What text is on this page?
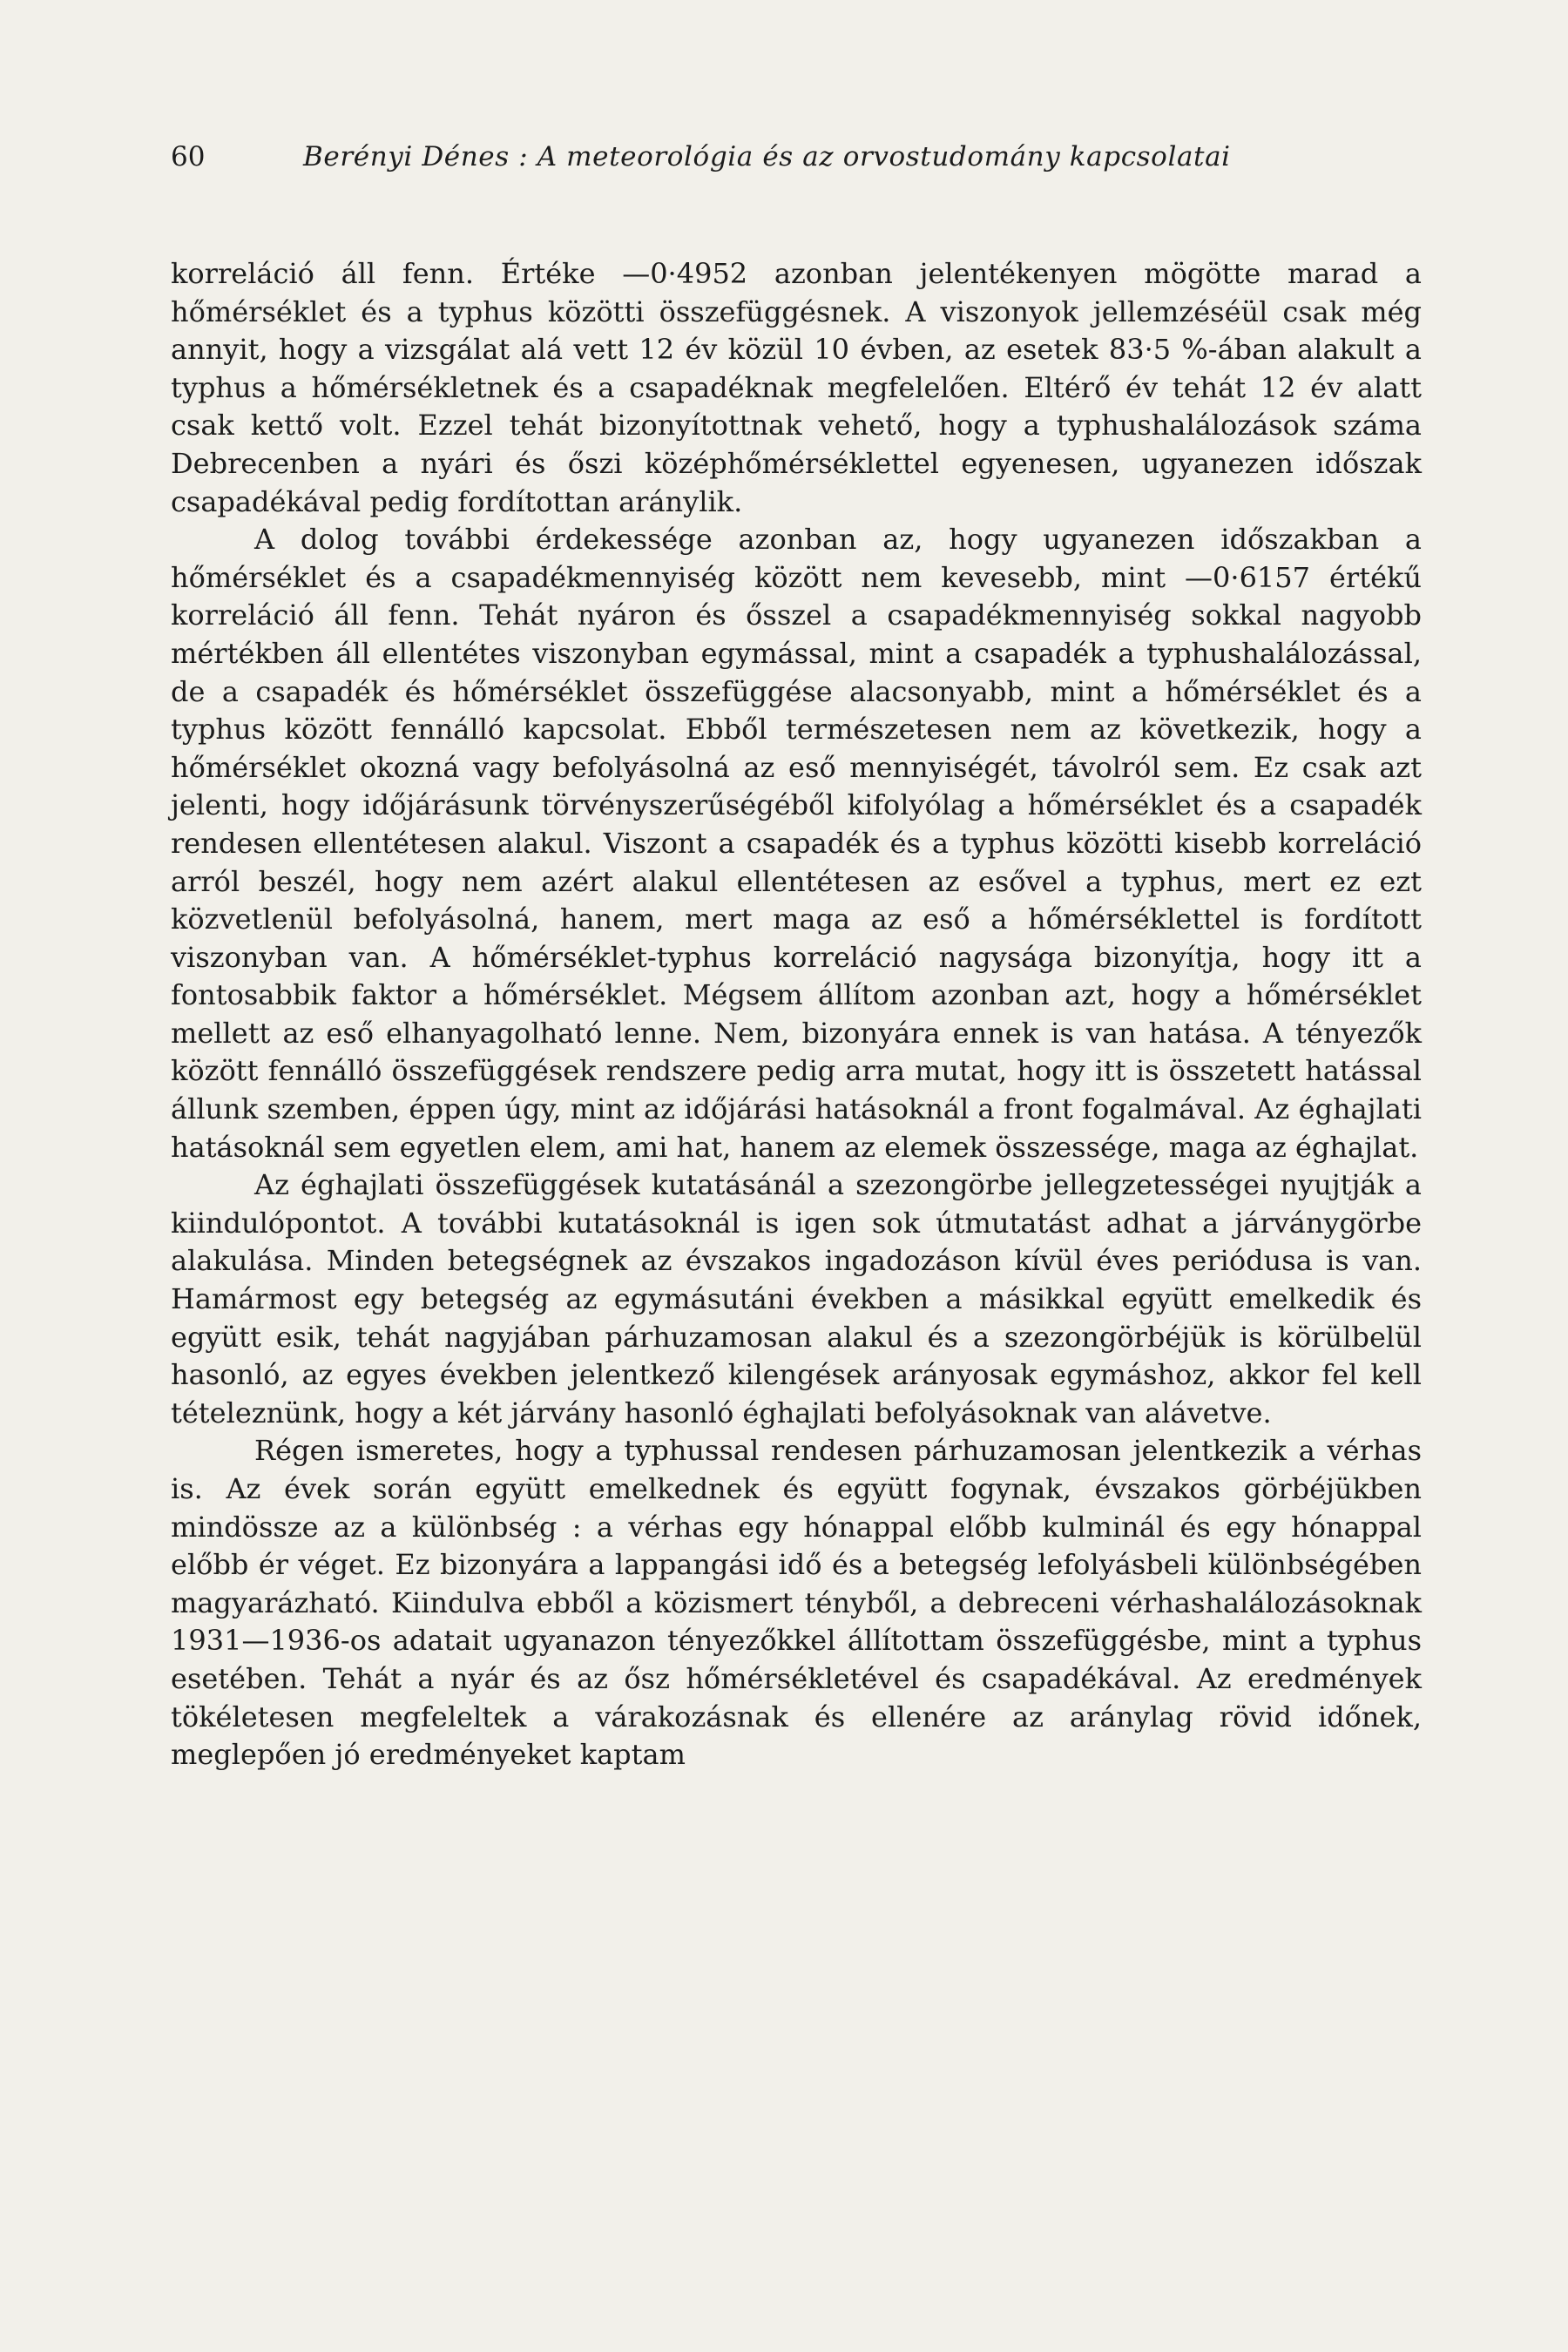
60	Berényi Dénes : A meteorológia és az orvostudomány kapcsolatai

korreláció áll fenn. Értéke —0·4952 azonban jelentékenyen mögötte marad a hőmérséklet és a typhus közötti összefüggésnek. A viszonyok jellemzéséül csak még annyit, hogy a vizsgálat alá vett 12 év közül 10 évben, az esetek 83·5 %-ában alakult a typhus a hőmérsékletnek és a csapadéknak megfelelően. Eltérő év tehát 12 év alatt csak kettő volt. Ezzel tehát bizonyítottnak vehető, hogy a typhushalálozások száma Debrecenben a nyári és őszi középhőmérséklettel egyenesen, ugyanezen időszak csapadékával pedig fordítottan aránylik.

A dolog további érdekessége azonban az, hogy ugyanezen időszakban a hőmérséklet és a csapadékmennyiség között nem kevesebb, mint —0·6157 értékű korreláció áll fenn. Tehát nyáron és ősszel a csapadékmennyiség sokkal nagyobb mértékben áll ellentétes viszonyban egymással, mint a csapadék a typhushalálozással, de a csapadék és hőmérséklet összefüggése alacsonyabb, mint a hőmérséklet és a typhus között fennálló kapcsolat. Ebből természetesen nem az következik, hogy a hőmérséklet okozná vagy befolyásolná az eső mennyiségét, távolról sem. Ez csak azt jelenti, hogy időjárásunk törvényszerűségéből kifolyólag a hőmérséklet és a csapadék rendesen ellentétesen alakul. Viszont a csapadék és a typhus közötti kisebb korreláció arról beszél, hogy nem azért alakul ellentétesen az esővel a typhus, mert ez ezt közvetlenül befolyásolná, hanem, mert maga az eső a hőmérséklettel is fordított viszonyban van. A hőmérséklet-typhus korreláció nagysága bizonyítja, hogy itt a fontosabbik faktor a hőmérséklet. Mégsem állítom azonban azt, hogy a hőmérséklet mellett az eső elhanyagolható lenne. Nem, bizonyára ennek is van hatása. A tényezők között fennálló összefüggések rendszere pedig arra mutat, hogy itt is összetett hatással állunk szemben, éppen úgy, mint az időjárási hatásoknál a front fogalmával. Az éghajlati hatásoknál sem egyetlen elem, ami hat, hanem az elemek összessége, maga az éghajlat.

Az éghajlati összefüggések kutatásánál a szezongörbe jellegzetességei nyujtják a kiindulópontot. A további kutatásoknál is igen sok útmutatást adhat a járványgörbe alakulása. Minden betegségnek az évszakos ingadozáson kívül éves periódusa is van. Hamármost egy betegség az egymásutáni években a másikkal együtt emelkedik és együtt esik, tehát nagyjában párhuzamosan alakul és a szezongörbéjük is körülbelül hasonló, az egyes években jelentkező kilengések arányosak egymáshoz, akkor fel kell tételeznünk, hogy a két járvány hasonló éghajlati befolyásoknak van alávetve.

Régen ismeretes, hogy a typhussal rendesen párhuzamosan jelentkezik a vérhas is. Az évek során együtt emelkednek és együtt fogynak, évszakos görbéjükben mindössze az a különbség : a vérhas egy hónappal előbb kulminál és egy hónappal előbb ér véget. Ez bizonyára a lappangási idő és a betegség lefolyásbeli különbségében magyarázható. Kiindulva ebből a közismert tényből, a debreceni vérhashalálozásoknak 1931—1936-os adatait ugyanazon tényezőkkel állítottam összefüggésbe, mint a typhus esetében. Tehát a nyár és az ősz hőmérsékletével és csapadékával. Az eredmények tökéletesen megfeleltek a várakozásnak és ellenére az aránylag rövid időnek, meglepően jó eredményeket kaptam
